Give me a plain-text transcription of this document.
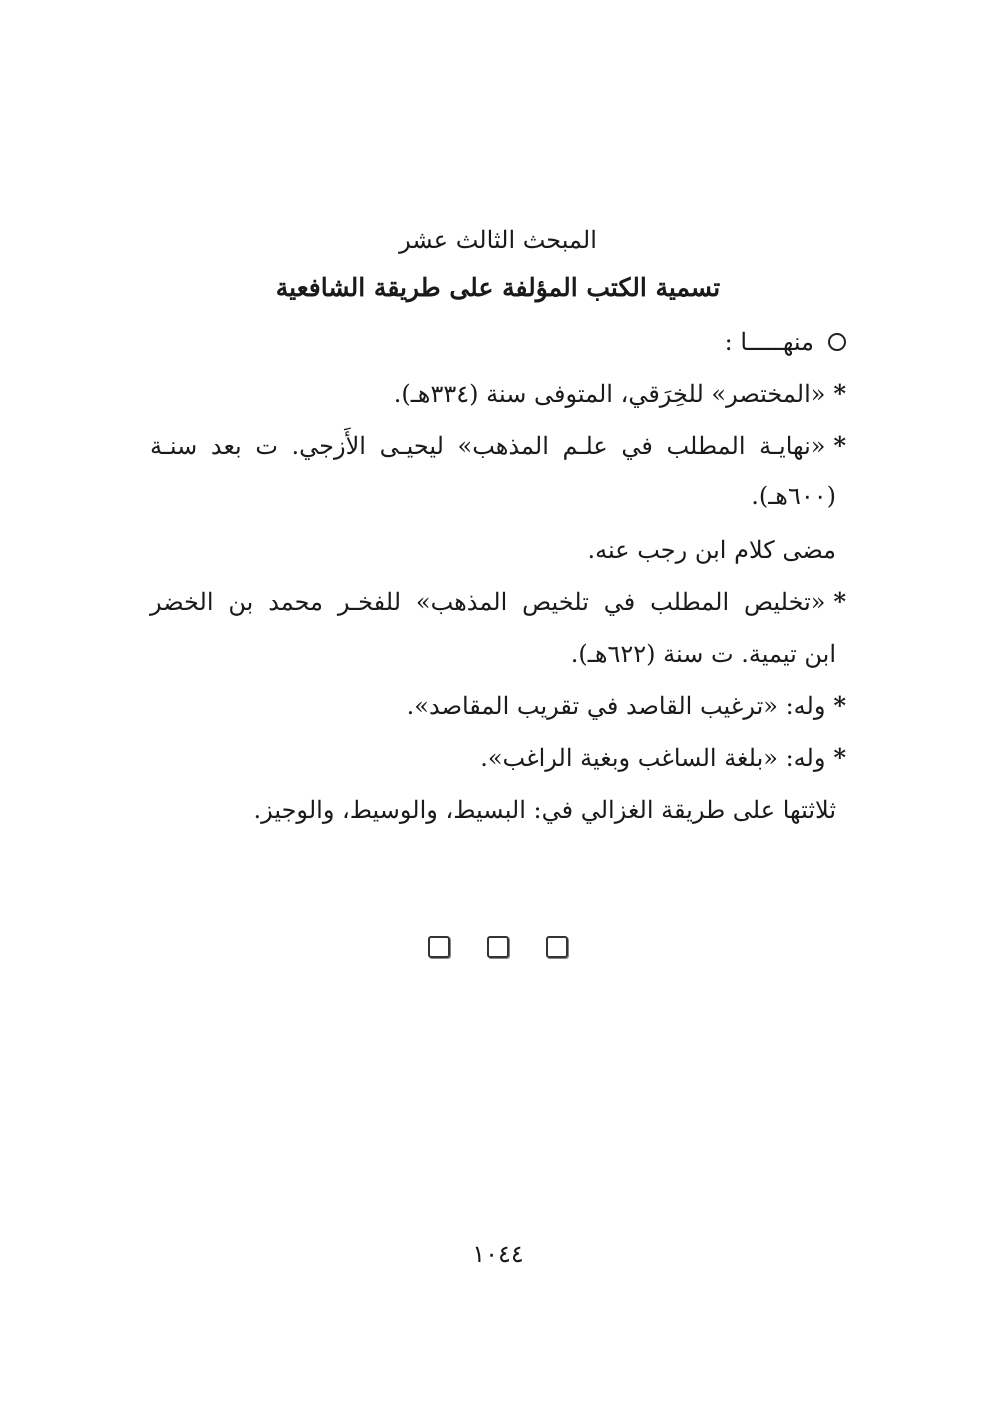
المبحث الثالث عشر
تسمية الكتب المؤلفة على طريقة الشافعية
منهـــــا :
*«المختصر» للخِرَقي، المتوفى سنة (٣٣٤هـ).
*«نهايـة المطلب في علـم المذهب» ليحيـى الأَزجي. ت بعد سنـة
(٦٠٠هـ).
مضى كلام ابن رجب عنه.
*«تخليص المطلب في تلخيص المذهب» للفخـر محمد بن الخضر
ابن تيمية. ت سنة (٦٢٢هـ).
*وله: «ترغيب القاصد في تقريب المقاصد».
*وله: «بلغة الساغب وبغية الراغب».
ثلاثتها على طريقة الغزالي في: البسيط، والوسيط، والوجيز.

١٠٤٤
